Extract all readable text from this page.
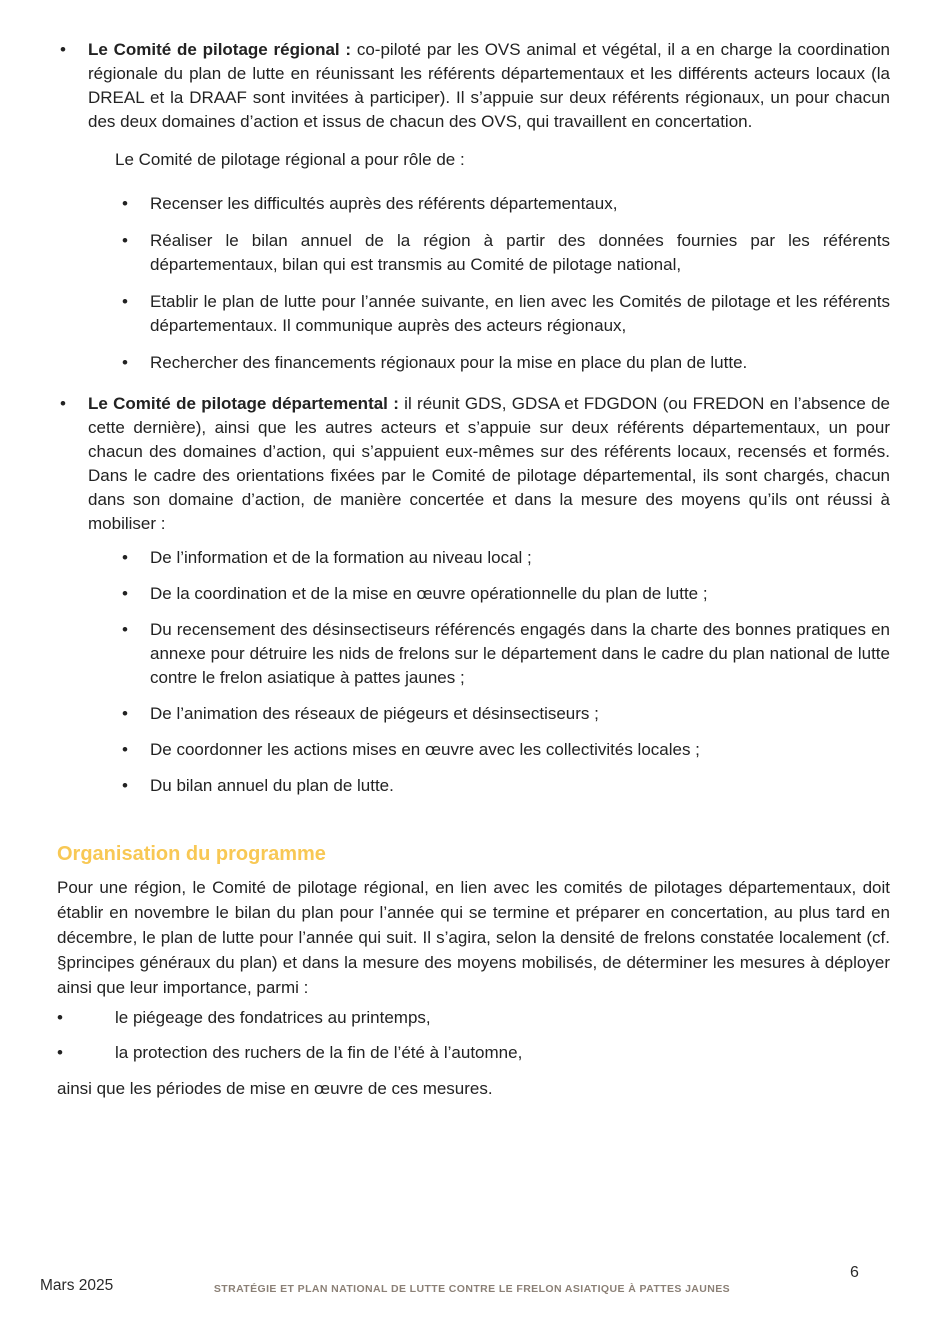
• Le Comité de pilotage régional : co-piloté par les OVS animal et végétal, il a en charge la coordination régionale du plan de lutte en réunissant les référents départementaux et les différents acteurs locaux (la DREAL et la DRAAF sont invitées à participer). Il s’appuie sur deux référents régionaux, un pour chacun des deux domaines d’action et issus de chacun des OVS, qui travaillent en concertation.

Le Comité de pilotage régional a pour rôle de :

• Recenser les difficultés auprès des référents départementaux,

• Réaliser le bilan annuel de la région à partir des données fournies par les référents départementaux, bilan qui est transmis au Comité de pilotage national,

• Etablir le plan de lutte pour l’année suivante, en lien avec les Comités de pilotage et les référents départementaux. Il communique auprès des acteurs régionaux,

• Rechercher des financements régionaux pour la mise en place du plan de lutte.

• Le Comité de pilotage départemental : il réunit GDS, GDSA et FDGDON (ou FREDON en l’absence de cette dernière), ainsi que les autres acteurs et s’appuie sur deux référents départementaux, un pour chacun des domaines d’action, qui s’appuient eux-mêmes sur des référents locaux, recensés et formés. Dans le cadre des orientations fixées par le Comité de pilotage départemental, ils sont chargés, chacun dans son domaine d’action, de manière concertée et dans la mesure des moyens qu’ils ont réussi à mobiliser :

• De l’information et de la formation au niveau local ;

• De la coordination et de la mise en œuvre opérationnelle du plan de lutte ;

• Du recensement des désinsectiseurs référencés engagés dans la charte des bonnes pratiques en annexe pour détruire les nids de frelons sur le département dans le cadre du plan national de lutte contre le frelon asiatique à pattes jaunes ;

• De l’animation des réseaux de piégeurs et désinsectiseurs ;

• De coordonner les actions mises en œuvre avec les collectivités locales ;

• Du bilan annuel du plan de lutte.

Organisation du programme

Pour une région, le Comité de pilotage régional, en lien avec les comités de pilotages départementaux, doit établir en novembre le bilan du plan pour l’année qui se termine et préparer en concertation, au plus tard en décembre, le plan de lutte pour l’année qui suit. Il s’agira, selon la densité de frelons constatée localement (cf. §principes généraux du plan) et dans la mesure des moyens mobilisés, de déterminer les mesures à déployer ainsi que leur importance, parmi :

•	le piégeage des fondatrices au printemps,

•	la protection des ruchers de la fin de l’été à l’automne,

ainsi que les périodes de mise en œuvre de ces mesures.

Mars 2025	STRATÉGIE ET PLAN NATIONAL DE LUTTE CONTRE LE FRELON ASIATIQUE À PATTES JAUNES
6
